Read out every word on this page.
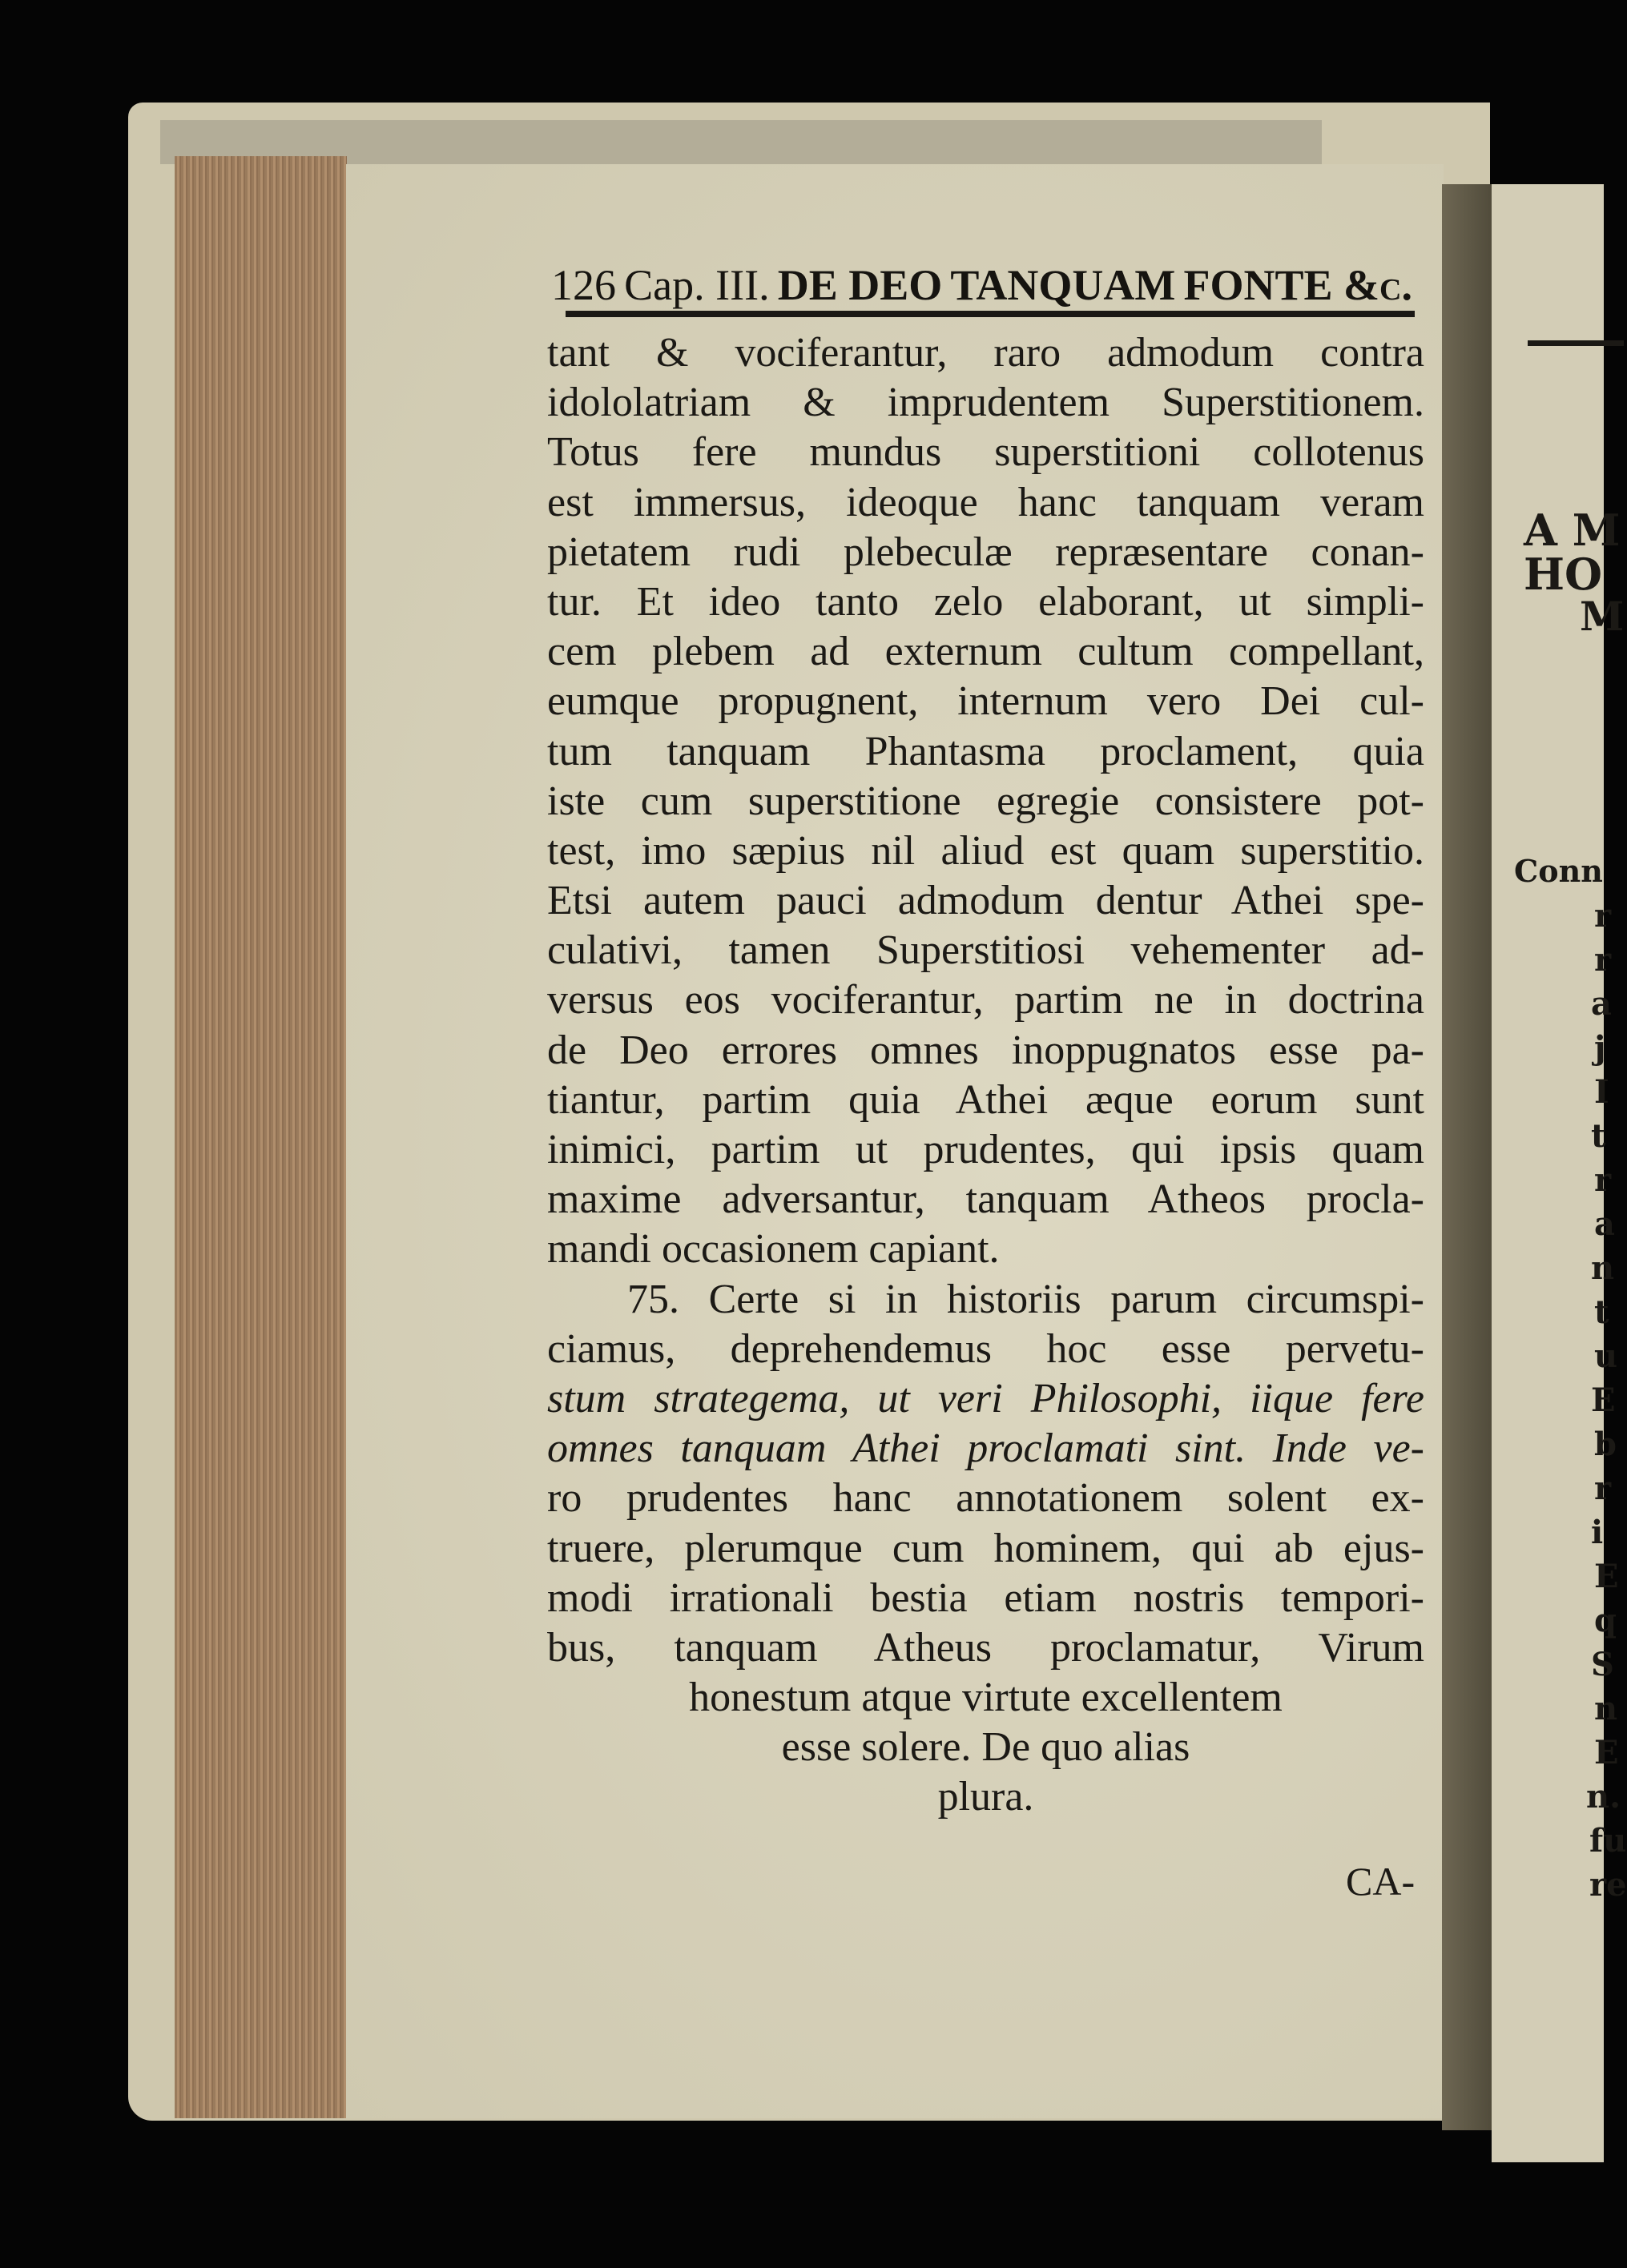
A M
HO
M
Conn
r
r
a
j
I
t
r
a
n
t
u
E
b
r
i
E
q
S
n
E
n.
fu
re
126 Cap. III. DE DEO TANQUAM FONTE &c.
tant & vociferantur, raro admodum contra
idololatriam & imprudentem Superstitionem.
Totus fere mundus superstitioni collotenus
est immersus, ideoque hanc tanquam veram
pietatem rudi plebeculæ repræsentare conan-
tur. Et ideo tanto zelo elaborant, ut simpli-
cem plebem ad externum cultum compellant,
eumque propugnent, internum vero Dei cul-
tum tanquam Phantasma proclament, quia
iste cum superstitione egregie consistere pot-
test, imo sæpius nil aliud est quam superstitio.
Etsi autem pauci admodum dentur Athei spe-
culativi, tamen Superstitiosi vehementer ad-
versus eos vociferantur, partim ne in doctrina
de Deo errores omnes inoppugnatos esse pa-
tiantur, partim quia Athei æque eorum sunt
inimici, partim ut prudentes, qui ipsis quam
maxime adversantur, tanquam Atheos procla-
mandi occasionem capiant.
75. Certe si in historiis parum circumspi-
ciamus, deprehendemus hoc esse pervetu-
stum strategema, ut veri Philosophi, iique fere
omnes tanquam Athei proclamati sint. Inde ve-
ro prudentes hanc annotationem solent ex-
truere, plerumque cum hominem, qui ab ejus-
modi irrationali bestia etiam nostris tempori-
bus, tanquam Atheus proclamatur, Virum
honestum atque virtute excellentem
esse solere. De quo alias
plura.
CA-
